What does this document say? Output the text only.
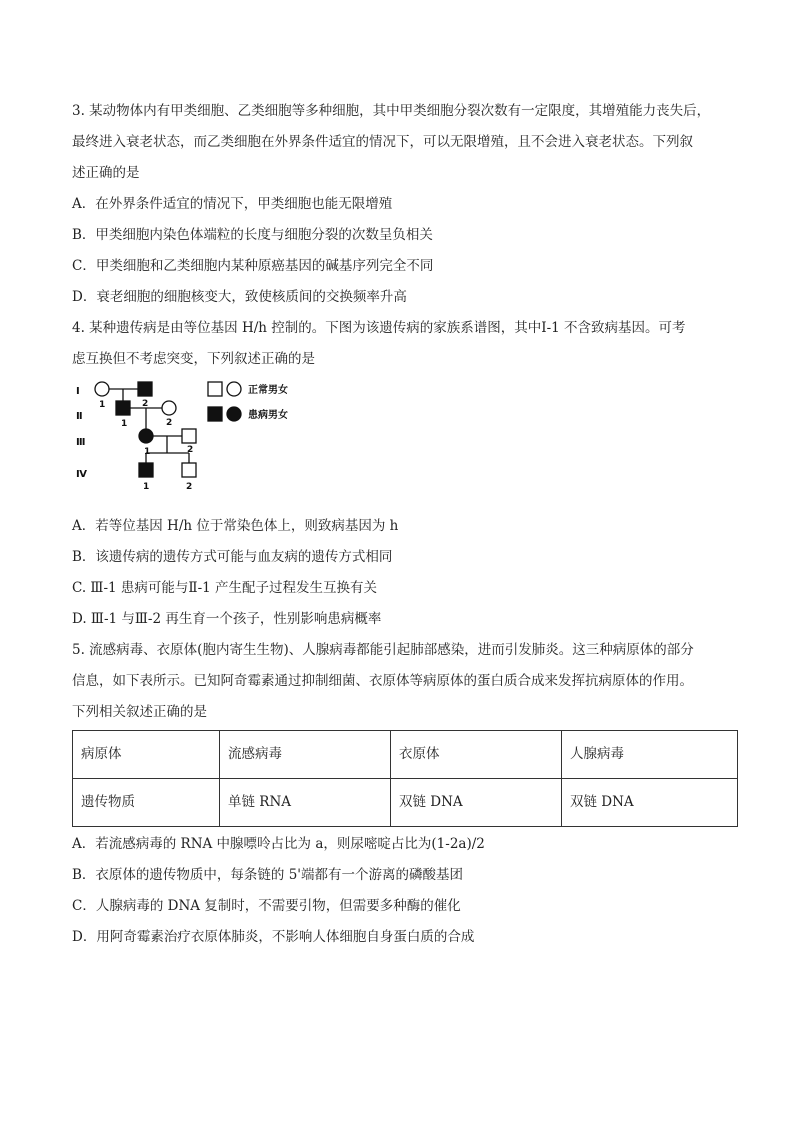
3. 某动物体内有甲类细胞、乙类细胞等多种细胞，其中甲类细胞分裂次数有一定限度，其增殖能力丧失后，

最终进入衰老状态，而乙类细胞在外界条件适宜的情况下，可以无限增殖，且不会进入衰老状态。下列叙

述正确的是

A．在外界条件适宜的情况下，甲类细胞也能无限增殖

B．甲类细胞内染色体端粒的长度与细胞分裂的次数呈负相关

C．甲类细胞和乙类细胞内某种原癌基因的碱基序列完全不同

D．衰老细胞的细胞核变大，致使核质间的交换频率升高

4. 某种遗传病是由等位基因 H/h 控制的。下图为该遗传病的家族系谱图，其中Ⅰ-1 不含致病基因。可考

虑互换但不考虑突变，下列叙述正确的是

Ⅰ
Ⅱ
Ⅲ
Ⅳ
1	2
1	2
1	2
1	2
正常男女
患病男女

A．若等位基因 H/h 位于常染色体上，则致病基因为 h

B．该遗传病的遗传方式可能与血友病的遗传方式相同

C. Ⅲ-1 患病可能与Ⅱ-1 产生配子过程发生互换有关

D. Ⅲ-1 与Ⅲ-2 再生育一个孩子，性别影响患病概率

5. 流感病毒、衣原体(胞内寄生生物)、人腺病毒都能引起肺部感染，进而引发肺炎。这三种病原体的部分

信息，如下表所示。已知阿奇霉素通过抑制细菌、衣原体等病原体的蛋白质合成来发挥抗病原体的作用。

下列相关叙述正确的是

病原体	流感病毒	衣原体	人腺病毒
遗传物质	单链 RNA	双链 DNA	双链 DNA

A．若流感病毒的 RNA 中腺嘌呤占比为 a，则尿嘧啶占比为(1-2a)/2

B．衣原体的遗传物质中，每条链的 5'端都有一个游离的磷酸基团

C．人腺病毒的 DNA 复制时，不需要引物，但需要多种酶的催化

D．用阿奇霉素治疗衣原体肺炎，不影响人体细胞自身蛋白质的合成
